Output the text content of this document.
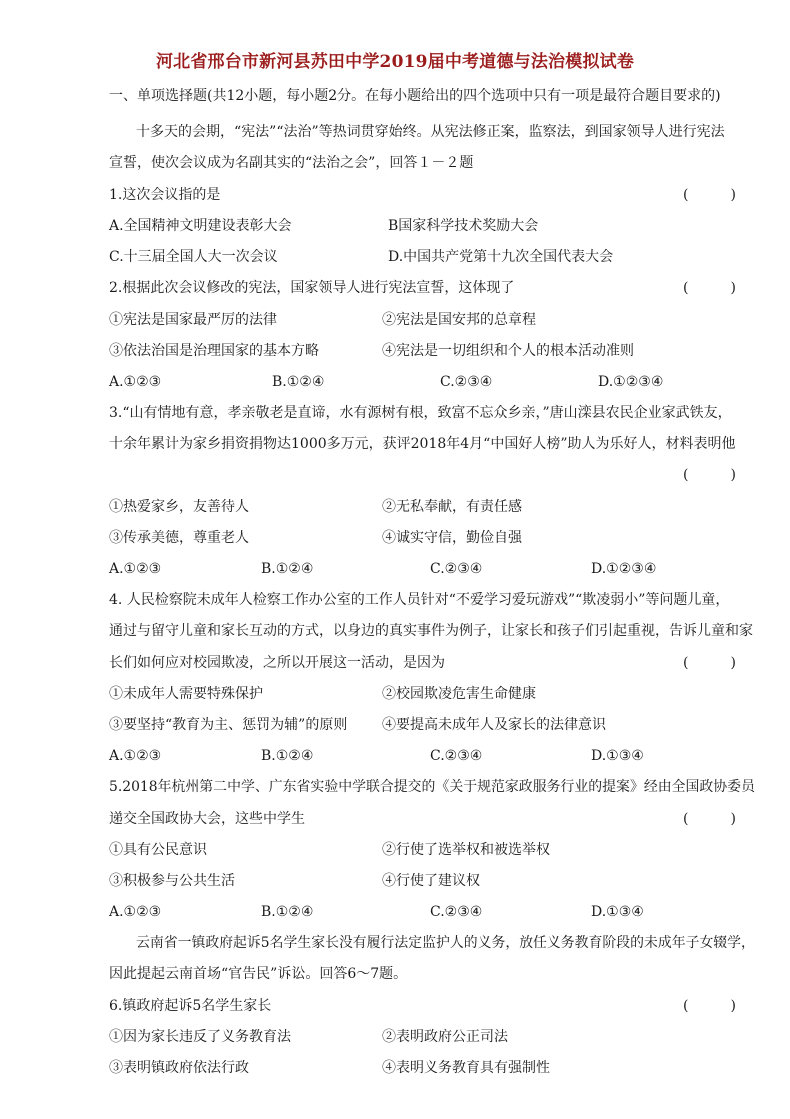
河北省邢台市新河县苏田中学2019届中考道德与法治模拟试卷
一、单项选择题(共12小题，每小题2分。在每小题给出的四个选项中只有一项是最符合题目要求的)
十多天的会期，“宪法”“法治”等热词贯穿始终。从宪法修正案，监察法，到国家领导人进行宪法
宣誓，使次会议成为名副其实的“法治之会”，回答１－２题
1.这次会议指的是	(　　　)
A.全国精神文明建设表彰大会	B国家科学技术奖励大会
C.十三届全国人大一次会议	D.中国共产党第十九次全国代表大会
2.根据此次会议修改的宪法，国家领导人进行宪法宣誓，这体现了	(　　　)
①宪法是国家最严厉的法律	②宪法是国安邦的总章程
③依法治国是治理国家的基本方略	④宪法是一切组织和个人的根本活动准则
A.①②③	B.①②④	C.②③④	D.①②③④
3.“山有情地有意，孝亲敬老是直谛，水有源树有根，致富不忘众乡亲，”唐山滦县农民企业家武铁友，
十余年累计为家乡捐资捐物达1000多万元，获评2018年4月“中国好人榜”助人为乐好人，材料表明他
(　　　)
①热爱家乡，友善待人	②无私奉献，有责任感
③传承美德，尊重老人	④诚实守信，勤俭自强
A.①②③	B.①②④	C.②③④	D.①②③④
4. 人民检察院未成年人检察工作办公室的工作人员针对“不爱学习爱玩游戏”“欺凌弱小”等问题儿童，
通过与留守儿童和家长互动的方式，以身边的真实事件为例子，让家长和孩子们引起重视，告诉儿童和家
长们如何应对校园欺凌，之所以开展这一活动，是因为	(　　　)
①未成年人需要特殊保护	②校园欺凌危害生命健康
③要坚持“教育为主、惩罚为辅”的原则 ④要提高未成年人及家长的法律意识
A.①②③	B.①②④	C.②③④	D.①③④
5.2018年杭州第二中学、广东省实验中学联合提交的《关于规范家政服务行业的提案》经由全国政协委员
递交全国政协大会，这些中学生	(　　　)
①具有公民意识	②行使了选举权和被选举权
③积极参与公共生活	④行使了建议权
A.①②③	B.①②④	C.②③④	D.①③④
云南省一镇政府起诉5名学生家长没有履行法定监护人的义务，放任义务教育阶段的未成年子女辍学，
因此提起云南首场“官告民”诉讼。回答6～7题。
6.镇政府起诉5名学生家长	(　　　)
①因为家长违反了义务教育法	②表明政府公正司法
③表明镇政府依法行政	④表明义务教育具有强制性
